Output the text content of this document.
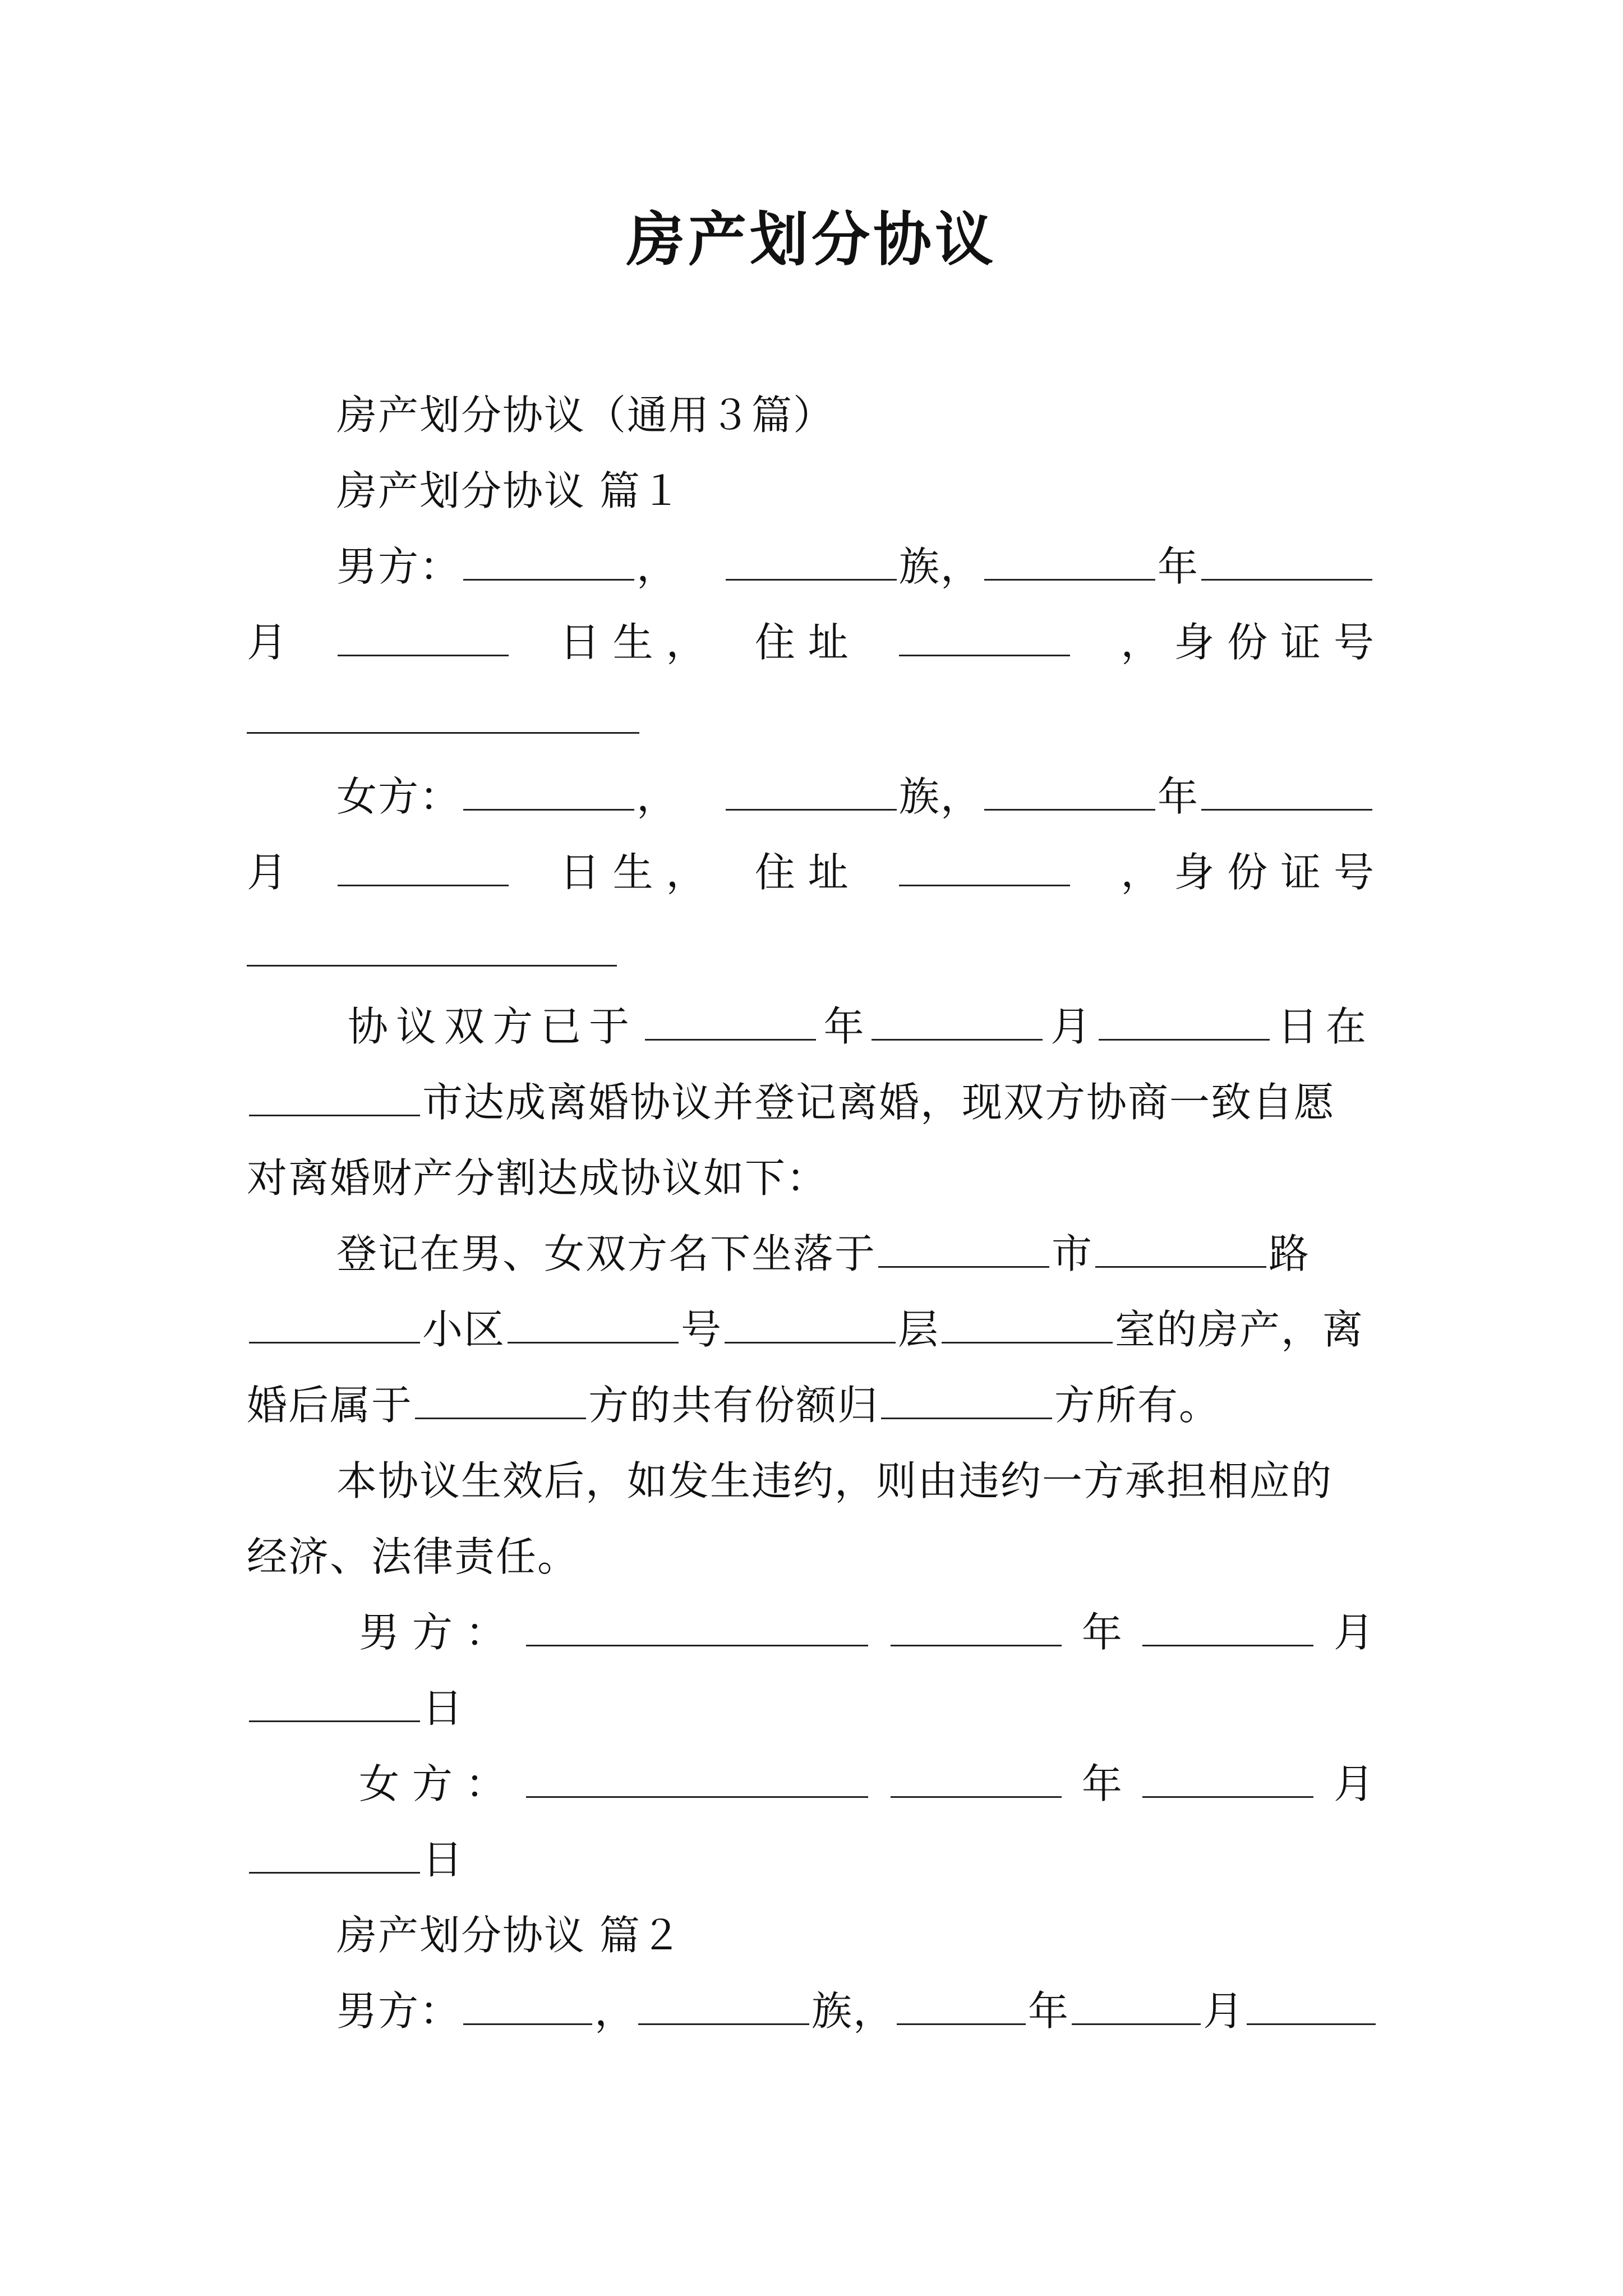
房产划分协议
房产划分协议（通用３篇）
房产划分协议 篇１
男方：	，	族，	年
月	日 生 ， 住 址	， 身 份 证 号
女方：	，	族，	年
月	日 生 ， 住 址	， 身 份 证 号
协议双方已于	年	月	日在
市达成离婚协议并登记离婚，现双方协商一致自愿
对离婚财产分割达成协议如下：
登记在男、女双方名下坐落于	市	路
小区	号	层	室的房产，离
婚后属于	方的共有份额归	方所有。
本协议生效后，如发生违约，则由违约一方承担相应的
经济、法律责任。
男 方 ：	年	月
日
女 方 ：	年	月
日
房产划分协议 篇２
男方：	，	族，	年	月
